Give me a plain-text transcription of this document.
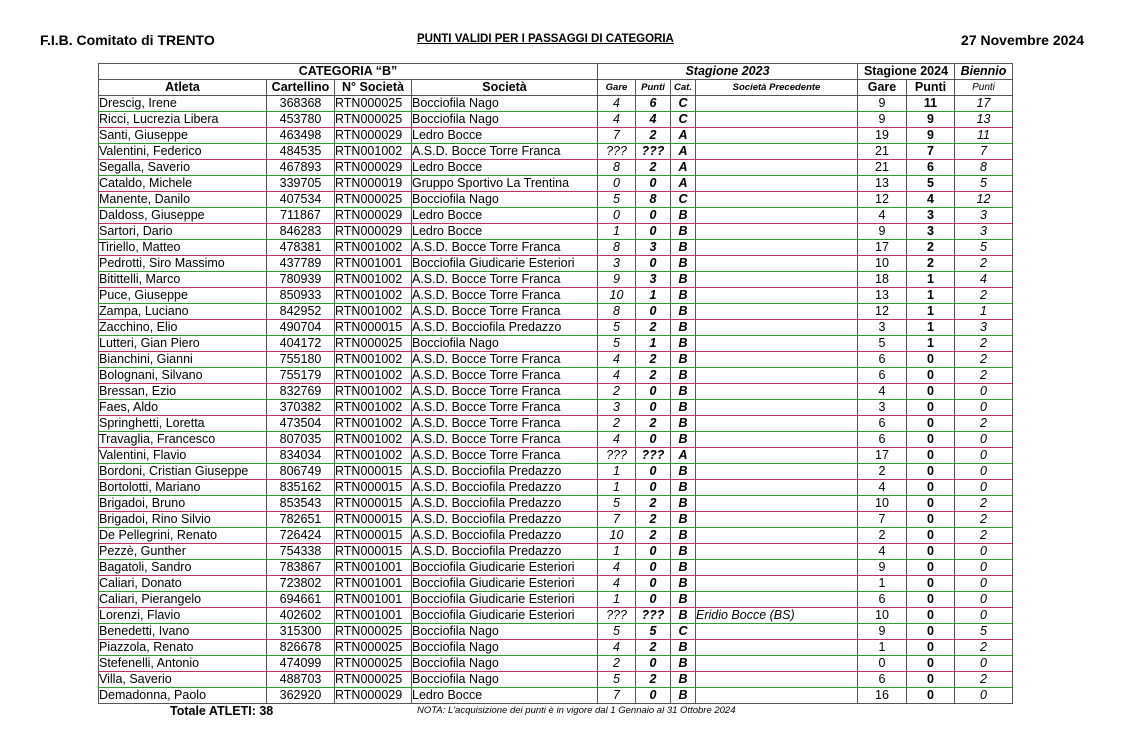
F.I.B. Comitato di TRENTO	PUNTI VALIDI PER I PASSAGGI DI CATEGORIA	27 Novembre 2024
CATEGORIA “B”				Stagione 2023				Stagione 2024		Biennio
Atleta	Cartellino	N° Società	Società	Gare	Punti	Cat.	Società Precedente	Gare	Punti	Punti
Drescig, Irene	368368	RTN000025	Bocciofila Nago	4	6	C		9	11	17
Ricci, Lucrezia Libera	453780	RTN000025	Bocciofila Nago	4	4	C		9	9	13
Santi, Giuseppe	463498	RTN000029	Ledro Bocce	7	2	A		19	9	11
Valentini, Federico	484535	RTN001002	A.S.D. Bocce Torre Franca	???	???	A		21	7	7
Segalla, Saverio	467893	RTN000029	Ledro Bocce	8	2	A		21	6	8
Cataldo, Michele	339705	RTN000019	Gruppo Sportivo La Trentina	0	0	A		13	5	5
Manente, Danilo	407534	RTN000025	Bocciofila Nago	5	8	C		12	4	12
Daldoss, Giuseppe	711867	RTN000029	Ledro Bocce	0	0	B		4	3	3
Sartori, Dario	846283	RTN000029	Ledro Bocce	1	0	B		9	3	3
Tiriello, Matteo	478381	RTN001002	A.S.D. Bocce Torre Franca	8	3	B		17	2	5
Pedrotti, Siro Massimo	437789	RTN001001	Bocciofila Giudicarie Esteriori	3	0	B		10	2	2
Bitittelli, Marco	780939	RTN001002	A.S.D. Bocce Torre Franca	9	3	B		18	1	4
Puce, Giuseppe	850933	RTN001002	A.S.D. Bocce Torre Franca	10	1	B		13	1	2
Zampa, Luciano	842952	RTN001002	A.S.D. Bocce Torre Franca	8	0	B		12	1	1
Zacchino, Elio	490704	RTN000015	A.S.D. Bocciofila Predazzo	5	2	B		3	1	3
Lutteri, Gian Piero	404172	RTN000025	Bocciofila Nago	5	1	B		5	1	2
Bianchini, Gianni	755180	RTN001002	A.S.D. Bocce Torre Franca	4	2	B		6	0	2
Bolognani, Silvano	755179	RTN001002	A.S.D. Bocce Torre Franca	4	2	B		6	0	2
Bressan, Ezio	832769	RTN001002	A.S.D. Bocce Torre Franca	2	0	B		4	0	0
Faes, Aldo	370382	RTN001002	A.S.D. Bocce Torre Franca	3	0	B		3	0	0
Springhetti, Loretta	473504	RTN001002	A.S.D. Bocce Torre Franca	2	2	B		6	0	2
Travaglia, Francesco	807035	RTN001002	A.S.D. Bocce Torre Franca	4	0	B		6	0	0
Valentini, Flavio	834034	RTN001002	A.S.D. Bocce Torre Franca	???	???	A		17	0	0
Bordoni, Cristian Giuseppe	806749	RTN000015	A.S.D. Bocciofila Predazzo	1	0	B		2	0	0
Bortolotti, Mariano	835162	RTN000015	A.S.D. Bocciofila Predazzo	1	0	B		4	0	0
Brigadoi, Bruno	853543	RTN000015	A.S.D. Bocciofila Predazzo	5	2	B		10	0	2
Brigadoi, Rino Silvio	782651	RTN000015	A.S.D. Bocciofila Predazzo	7	2	B		7	0	2
De Pellegrini, Renato	726424	RTN000015	A.S.D. Bocciofila Predazzo	10	2	B		2	0	2
Pezzè, Gunther	754338	RTN000015	A.S.D. Bocciofila Predazzo	1	0	B		4	0	0
Bagatoli, Sandro	783867	RTN001001	Bocciofila Giudicarie Esteriori	4	0	B		9	0	0
Caliari, Donato	723802	RTN001001	Bocciofila Giudicarie Esteriori	4	0	B		1	0	0
Caliari, Pierangelo	694661	RTN001001	Bocciofila Giudicarie Esteriori	1	0	B		6	0	0
Lorenzi, Flavio	402602	RTN001001	Bocciofila Giudicarie Esteriori	???	???	B	Eridio Bocce (BS)	10	0	0
Benedetti, Ivano	315300	RTN000025	Bocciofila Nago	5	5	C		9	0	5
Piazzola, Renato	826678	RTN000025	Bocciofila Nago	4	2	B		1	0	2
Stefenelli, Antonio	474099	RTN000025	Bocciofila Nago	2	0	B		0	0	0
Villa, Saverio	488703	RTN000025	Bocciofila Nago	5	2	B		6	0	2
Demadonna, Paolo	362920	RTN000029	Ledro Bocce	7	0	B		16	0	0
Totale ATLETI: 38	NOTA: L'acquisizione dei punti è in vigore dal 1 Gennaio al 31 Ottobre 2024
